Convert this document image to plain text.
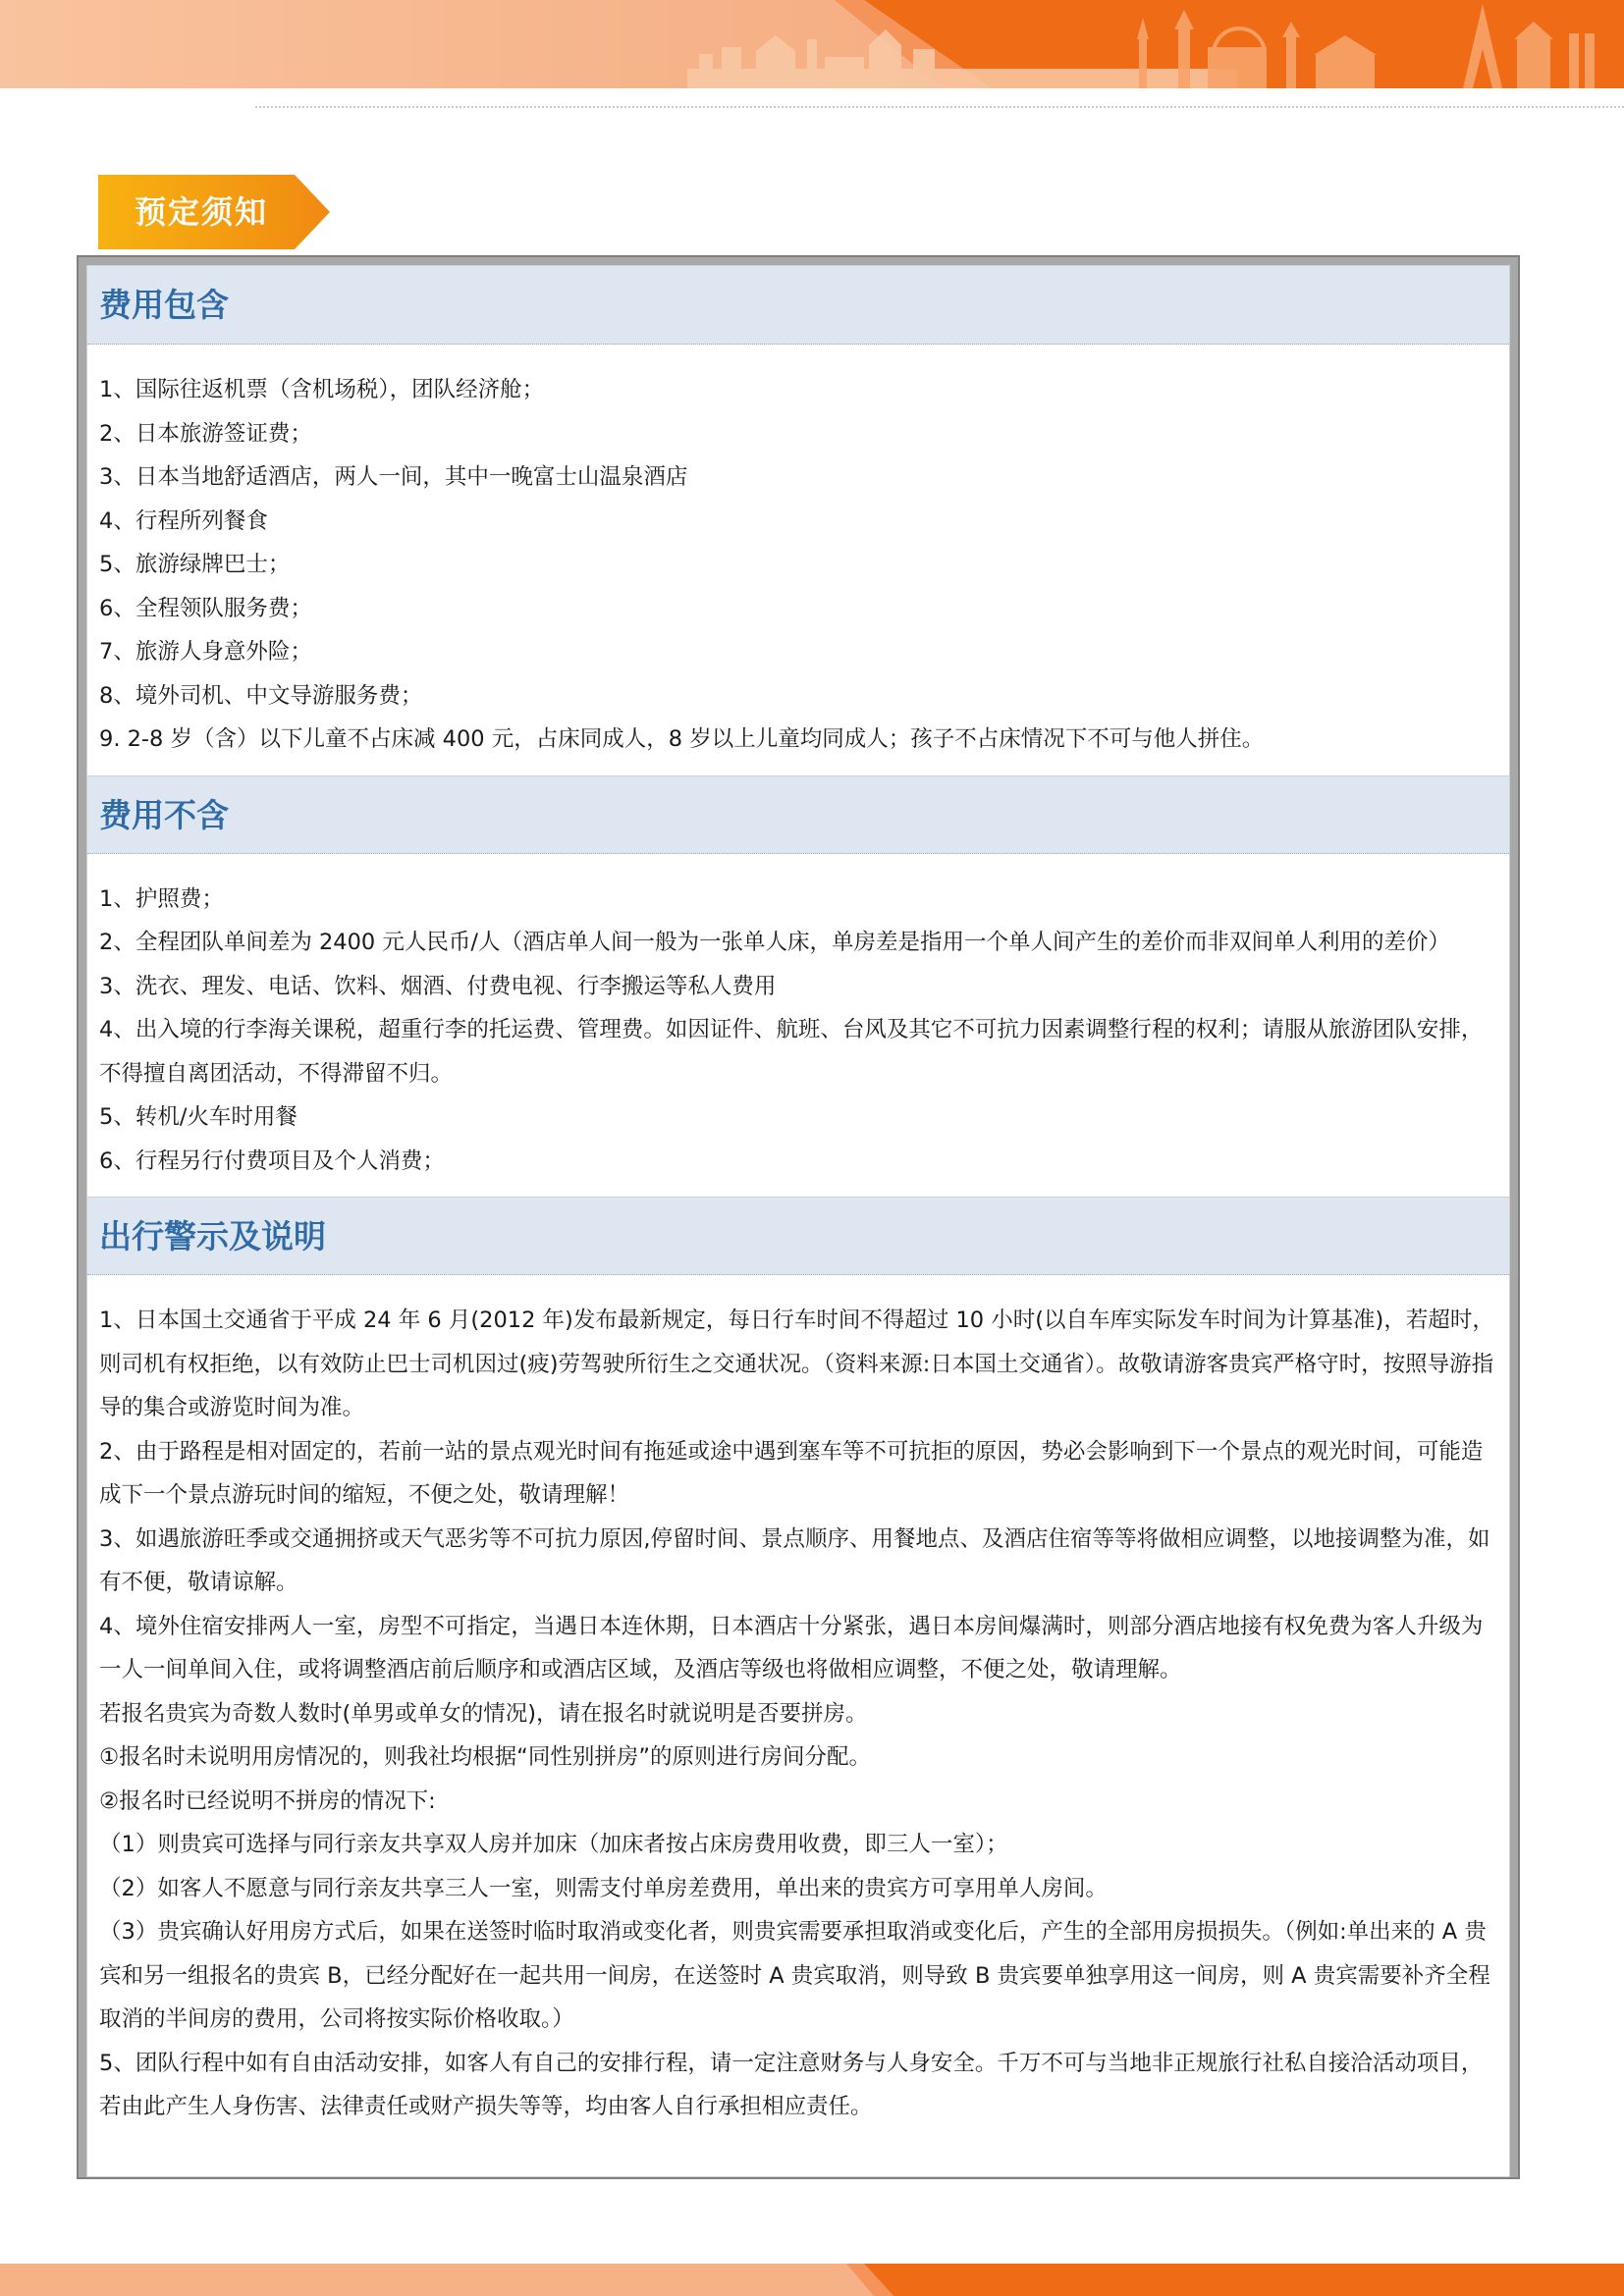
预定须知
费用包含
1、国际往返机票（含机场税），团队经济舱；
2、日本旅游签证费；
3、日本当地舒适酒店，两人一间，其中一晚富士山温泉酒店
4、行程所列餐食
5、旅游绿牌巴士；
6、全程领队服务费；
7、旅游人身意外险；
8、境外司机、中文导游服务费；
9. 2-8 岁（含）以下儿童不占床减 400 元，占床同成人，8 岁以上儿童均同成人；孩子不占床情况下不可与他人拼住。
费用不含
1、护照费；
2、全程团队单间差为 2400 元人民币/人（酒店单人间一般为一张单人床，单房差是指用一个单人间产生的差价而非双间单人利用的差价）
3、洗衣、理发、电话、饮料、烟酒、付费电视、行李搬运等私人费用
4、出入境的行李海关课税，超重行李的托运费、管理费。如因证件、航班、台风及其它不可抗力因素调整行程的权利；请服从旅游团队安排，不得擅自离团活动，不得滞留不归。
5、转机/火车时用餐
6、行程另行付费项目及个人消费；
出行警示及说明
1、日本国土交通省于平成 24 年 6 月(2012 年)发布最新规定，每日行车时间不得超过 10 小时(以自车库实际发车时间为计算基准)，若超时，则司机有权拒绝，以有效防止巴士司机因过(疲)劳驾驶所衍生之交通状况。（资料来源:日本国土交通省）。故敬请游客贵宾严格守时，按照导游指导的集合或游览时间为准。
2、由于路程是相对固定的，若前一站的景点观光时间有拖延或途中遇到塞车等不可抗拒的原因，势必会影响到下一个景点的观光时间，可能造成下一个景点游玩时间的缩短，不便之处，敬请理解！
3、如遇旅游旺季或交通拥挤或天气恶劣等不可抗力原因,停留时间、景点顺序、用餐地点、及酒店住宿等等将做相应调整，以地接调整为准，如有不便，敬请谅解。
4、境外住宿安排两人一室，房型不可指定，当遇日本连休期，日本酒店十分紧张，遇日本房间爆满时，则部分酒店地接有权免费为客人升级为一人一间单间入住，或将调整酒店前后顺序和或酒店区域，及酒店等级也将做相应调整，不便之处，敬请理解。
若报名贵宾为奇数人数时(单男或单女的情况)，请在报名时就说明是否要拼房。
①报名时未说明用房情况的，则我社均根据“同性别拼房”的原则进行房间分配。
②报名时已经说明不拼房的情况下:
（1）则贵宾可选择与同行亲友共享双人房并加床（加床者按占床房费用收费，即三人一室）；
（2）如客人不愿意与同行亲友共享三人一室，则需支付单房差费用，单出来的贵宾方可享用单人房间。
（3）贵宾确认好用房方式后，如果在送签时临时取消或变化者，则贵宾需要承担取消或变化后，产生的全部用房损损失。（例如:单出来的 A 贵宾和另一组报名的贵宾 B，已经分配好在一起共用一间房，在送签时 A 贵宾取消，则导致 B 贵宾要单独享用这一间房，则 A 贵宾需要补齐全程取消的半间房的费用，公司将按实际价格收取。）
5、团队行程中如有自由活动安排，如客人有自己的安排行程，请一定注意财务与人身安全。千万不可与当地非正规旅行社私自接洽活动项目，若由此产生人身伤害、法律责任或财产损失等等，均由客人自行承担相应责任。
